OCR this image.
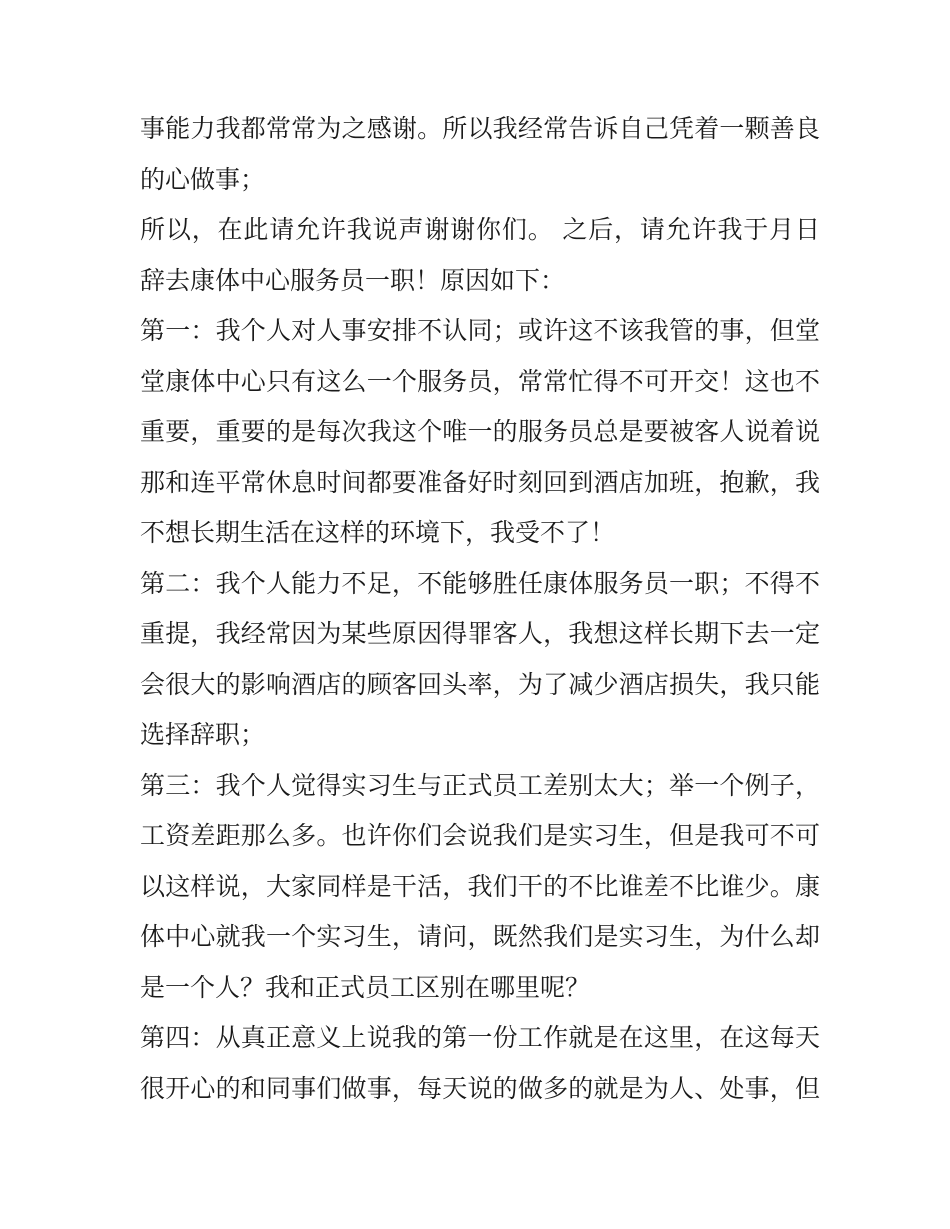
事能力我都常常为之感谢。所以我经常告诉自己凭着一颗善良
的心做事；
所以，在此请允许我说声谢谢你们。 之后，请允许我于月日
辞去康体中心服务员一职！原因如下：
第一：我个人对人事安排不认同；或许这不该我管的事，但堂
堂康体中心只有这么一个服务员，常常忙得不可开交！这也不
重要，重要的是每次我这个唯一的服务员总是要被客人说着说
那和连平常休息时间都要准备好时刻回到酒店加班，抱歉，我
不想长期生活在这样的环境下，我受不了！
第二：我个人能力不足，不能够胜任康体服务员一职；不得不
重提，我经常因为某些原因得罪客人，我想这样长期下去一定
会很大的影响酒店的顾客回头率，为了减少酒店损失，我只能
选择辞职；
第三：我个人觉得实习生与正式员工差别太大；举一个例子，
工资差距那么多。也许你们会说我们是实习生，但是我可不可
以这样说，大家同样是干活，我们干的不比谁差不比谁少。康
体中心就我一个实习生，请问，既然我们是实习生，为什么却
是一个人？我和正式员工区别在哪里呢？
第四：从真正意义上说我的第一份工作就是在这里，在这每天
很开心的和同事们做事，每天说的做多的就是为人、处事，但
